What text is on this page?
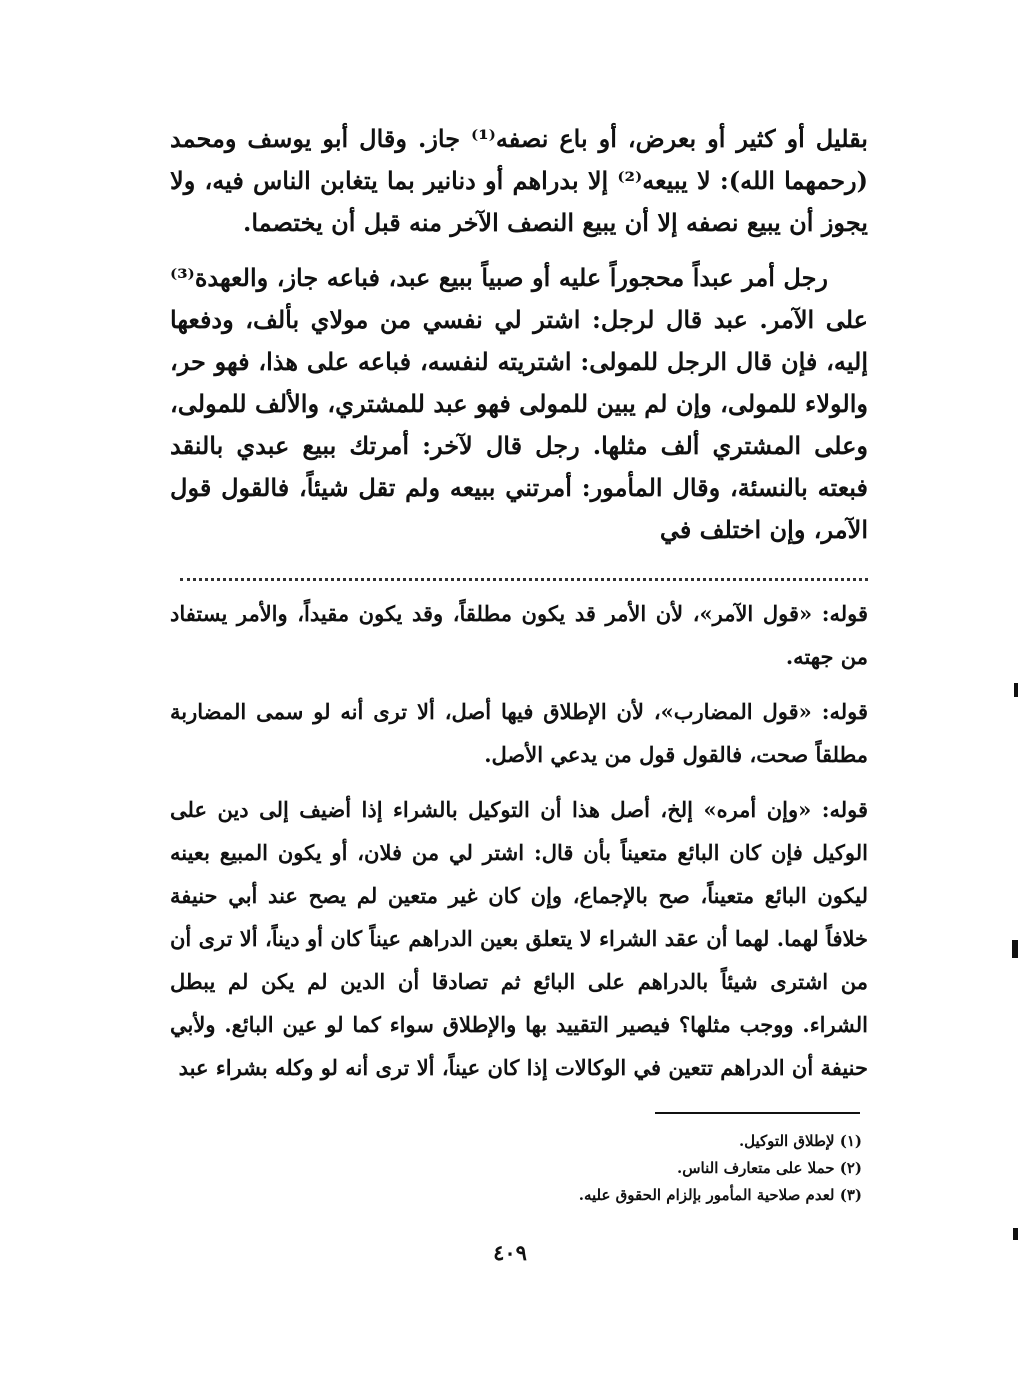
بقليل أو كثير أو بعرض، أو باع نصفه⁽¹⁾ جاز. وقال أبو يوسف ومحمد (رحمهما الله): لا يبيعه⁽²⁾ إلا بدراهم أو دنانير بما يتغابن الناس فيه، ولا يجوز أن يبيع نصفه إلا أن يبيع النصف الآخر منه قبل أن يختصما.

رجل أمر عبداً محجوراً عليه أو صبياً ببيع عبد، فباعه جاز، والعهدة⁽³⁾ على الآمر. عبد قال لرجل: اشتر لي نفسي من مولاي بألف، ودفعها إليه، فإن قال الرجل للمولى: اشتريته لنفسه، فباعه على هذا، فهو حر، والولاء للمولى، وإن لم يبين للمولى فهو عبد للمشتري، والألف للمولى، وعلى المشتري ألف مثلها. رجل قال لآخر: أمرتك ببيع عبدي بالنقد فبعته بالنسئة، وقال المأمور: أمرتني ببيعه ولم تقل شيئاً، فالقول قول الآمر، وإن اختلف في

قوله: «قول الآمر»، لأن الأمر قد يكون مطلقاً، وقد يكون مقيداً، والأمر يستفاد من جهته.

قوله: «قول المضارب»، لأن الإطلاق فيها أصل، ألا ترى أنه لو سمى المضاربة مطلقاً صحت، فالقول قول من يدعي الأصل.

قوله: «وإن أمره» إلخ، أصل هذا أن التوكيل بالشراء إذا أضيف إلى دين على الوكيل فإن كان البائع متعيناً بأن قال: اشتر لي من فلان، أو يكون المبيع بعينه ليكون البائع متعيناً، صح بالإجماع، وإن كان غير متعين لم يصح عند أبي حنيفة خلافاً لهما. لهما أن عقد الشراء لا يتعلق بعين الدراهم عيناً كان أو ديناً، ألا ترى أن من اشترى شيئاً بالدراهم على البائع ثم تصادقا أن الدين لم يكن لم يبطل الشراء. ووجب مثلها؟ فيصير التقييد بها والإطلاق سواء كما لو عين البائع. ولأبي حنيفة أن الدراهم تتعين في الوكالات إذا كان عيناً، ألا ترى أنه لو وكله بشراء عبد

(١) لإطلاق التوكيل.
(٢) حملا على متعارف الناس.
(٣) لعدم صلاحية المأمور بإلزام الحقوق عليه.
٤٠٩
